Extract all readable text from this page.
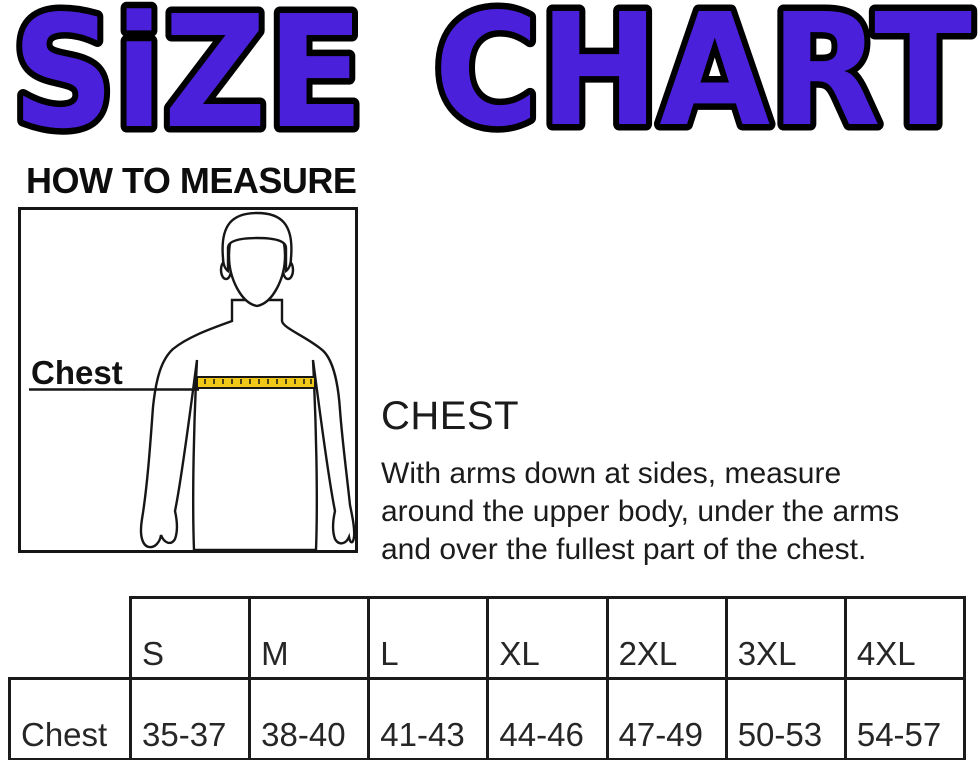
SiZE CHART
HOW TO MEASURE
Chest
CHEST

With arms down at sides, measure
around the upper body, under the arms
and over the fullest part of the chest.

	S	M	L	XL	2XL	3XL	4XL
Chest	35-37	38-40	41-43	44-46	47-49	50-53	54-57
